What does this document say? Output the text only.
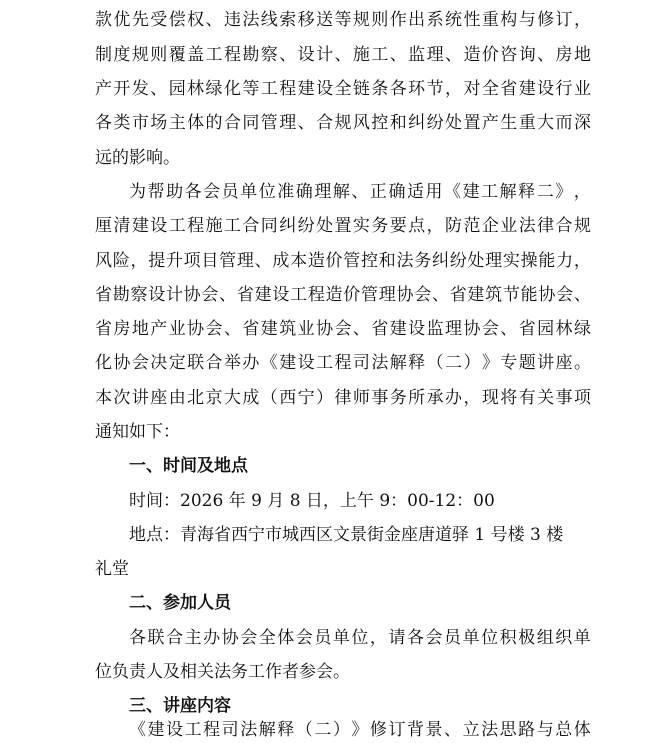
款 优 先 受 偿 权 、 违 法 线 索 移 送 等 规 则 作 出 系 统 性 重 构 与 修 订 ，
制 度 规 则 覆 盖 工 程 勘 察 、 设 计 、 施 工 、 监 理 、 造 价 咨 询 、 房 地
产 开 发 、 园 林 绿 化 等 工 程 建 设 全 链 条 各 环 节 ， 对 全 省 建 设 行 业
各 类 市 场 主 体 的 合 同 管 理 、 合 规 风 控 和 纠 纷 处 置 产 生 重 大 而 深
远的影响。
为 帮 助 各 会 员 单 位 准 确 理 解 、 正 确 适 用 《 建 工 解 释 二 》 ，
厘 清 建 设 工 程 施 工 合 同 纠 纷 处 置 实 务 要 点 ， 防 范 企 业 法 律 合 规
风 险 ， 提 升 项 目 管 理 、 成 本 造 价 管 控 和 法 务 纠 纷 处 理 实 操 能 力 ，
省 勘 察 设 计 协 会 、 省 建 设 工 程 造 价 管 理 协 会 、 省 建 筑 节 能 协 会 、
省 房 地 产 业 协 会 、 省 建 筑 业 协 会 、 省 建 设 监 理 协 会 、 省 园 林 绿
化 协 会 决 定 联 合 举 办 《 建 设 工 程 司 法 解 释 （ 二 ） 》 专 题 讲 座 。
本 次 讲 座 由 北 京 大 成 （ 西 宁 ） 律 师 事 务 所 承 办 ， 现 将 有 关 事 项
通知如下：
一、时间及地点
时间：2026 年 9 月 8 日，上午 9：00-12：00
地点：青海省西宁市城西区文景街金座唐道驿 1 号楼 3 楼
礼堂
二、参加人员
各 联 合 主 办 协 会 全 体 会 员 单 位 ， 请 各 会 员 单 位 积 极 组 织 单
位负责人及相关法务工作者参会。
三、讲座内容
《 建 设 工 程 司 法 解 释 （ 二 ） 》 修 订 背 景 、 立 法 思 路 与 总 体
